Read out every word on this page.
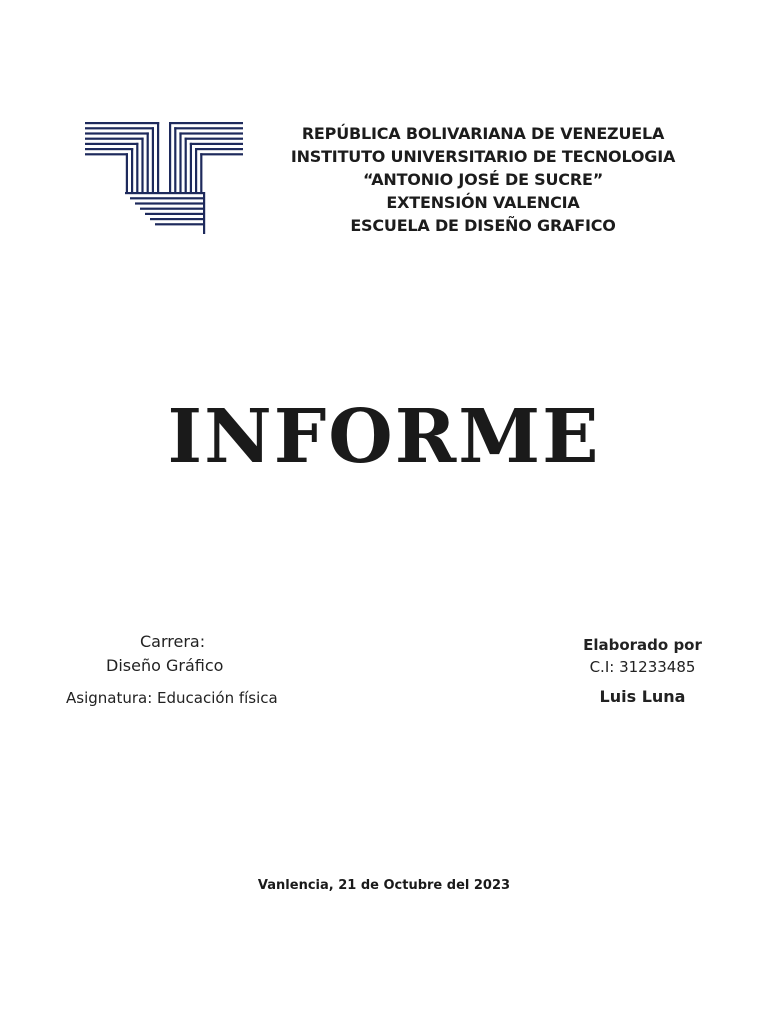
REPÚBLICA BOLIVARIANA DE VENEZUELA
INSTITUTO UNIVERSITARIO DE TECNOLOGIA
“ANTONIO JOSÉ DE SUCRE”
EXTENSIÓN VALENCIA
ESCUELA DE DISEÑO GRAFICO
INFORME
Carrera:
Diseño Gráfico
Asignatura: Educación física
Elaborado por
C.I: 31233485
Luis Luna
Vanlencia, 21 de Octubre del 2023
